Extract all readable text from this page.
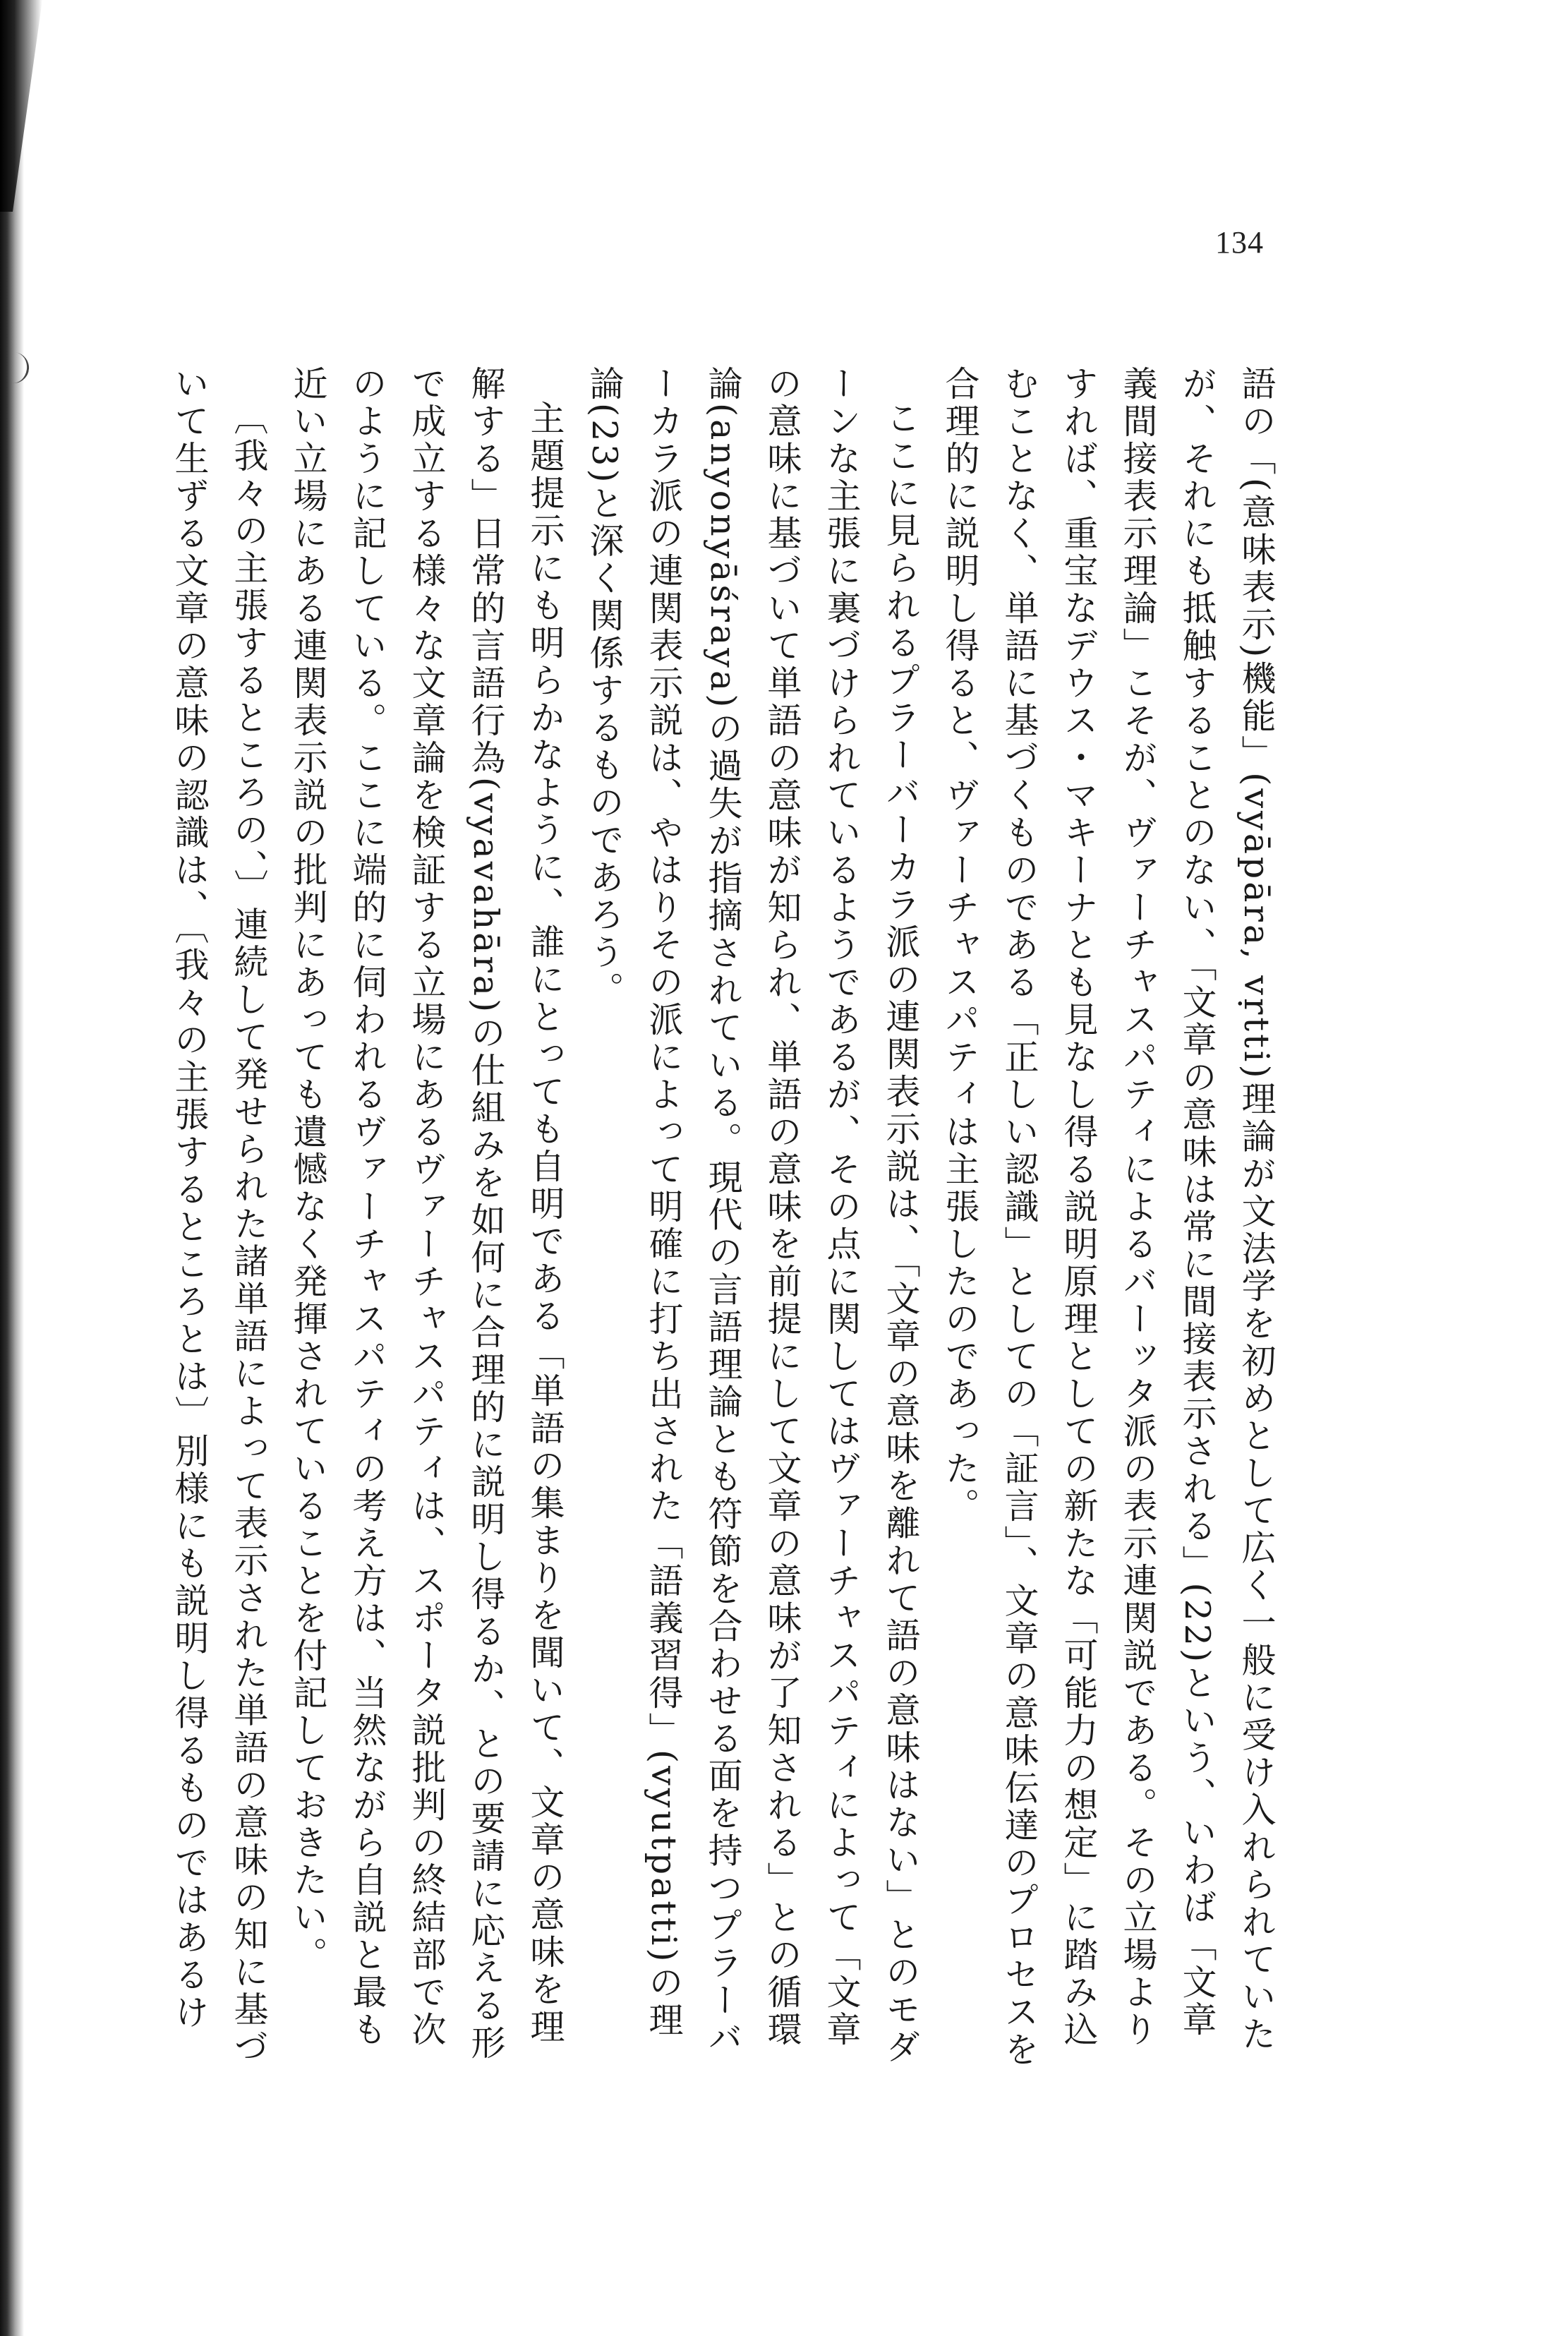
134

語の「(意味表示)機能」(vyāpāra, vṛtti)理論が文法学を初めとして広く一般に受け入れられていたが、それにも抵触することのない、「文章の意味は常に間接表示される」(22)という、いわば「文章義間接表示理論」こそが、ヴァーチャスパティによるバーッタ派の表示連関説である。その立場よりすれば、重宝なデウス・マキーナとも見なし得る説明原理としての新たな「可能力の想定」に踏み込むことなく、単語に基づくものである「正しい認識」としての「証言」、文章の意味伝達のプロセスを合理的に説明し得ると、ヴァーチャスパティは主張したのであった。

ここに見られるプラーバーカラ派の連関表示説は、「文章の意味を離れて語の意味はない」とのモダーンな主張に裏づけられているようであるが、その点に関してはヴァーチャスパティによって「文章の意味に基づいて単語の意味が知られ、単語の意味を前提にして文章の意味が了知される」との循環論(anyonyāśraya)の過失が指摘されている。現代の言語理論とも符節を合わせる面を持つプラーバーカラ派の連関表示説は、やはりその派によって明確に打ち出された「語義習得」(vyutpatti)の理論(23)と深く関係するものであろう。

主題提示にも明らかなように、誰にとっても自明である「単語の集まりを聞いて、文章の意味を理解する」日常的言語行為(vyavahāra)の仕組みを如何に合理的に説明し得るか、との要請に応える形で成立する様々な文章論を検証する立場にあるヴァーチャスパティは、スポータ説批判の終結部で次のように記している。ここに端的に伺われるヴァーチャスパティの考え方は、当然ながら自説と最も近い立場にある連関表示説の批判にあっても遺憾なく発揮されていることを付記しておきたい。

〔我々の主張するところの、〕連続して発せられた諸単語によって表示された単語の意味の知に基づいて生ずる文章の意味の認識は、〔我々の主張するところとは〕別様にも説明し得るものではあるけ
